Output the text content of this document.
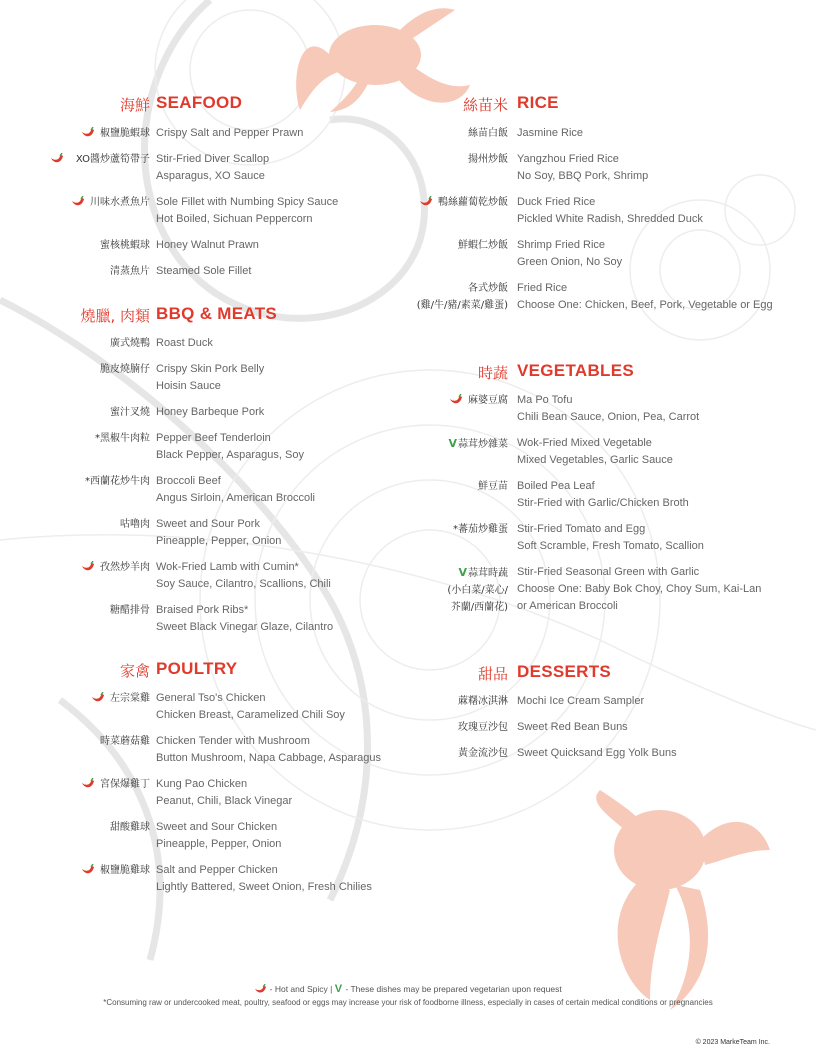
海鮮 SEAFOOD
椒鹽脆蝦球 Crispy Salt and Pepper Prawn
XO醬炒蘆筍帶子 Stir-Fried Diver Scallop
Asparagus, XO Sauce
川味水煮魚片 Sole Fillet with Numbing Spicy Sauce
Hot Boiled, Sichuan Peppercorn
蜜核桃蝦球 Honey Walnut Prawn
清蒸魚片 Steamed Sole Fillet
燒臘, 肉類 BBQ & MEATS
廣式燒鴨 Roast Duck
脆皮燒腩仔 Crispy Skin Pork Belly
Hoisin Sauce
蜜汁叉燒 Honey Barbeque Pork
*黑椒牛肉粒 Pepper Beef Tenderloin
Black Pepper, Asparagus, Soy
*西蘭花炒牛肉 Broccoli Beef
Angus Sirloin, American Broccoli
咕嚕肉 Sweet and Sour Pork
Pineapple, Pepper, Onion
孜然炒羊肉 Wok-Fried Lamb with Cumin*
Soy Sauce, Cilantro, Scallions, Chili
糖醋排骨 Braised Pork Ribs*
Sweet Black Vinegar Glaze, Cilantro
家禽 POULTRY
左宗棠雞 General Tso's Chicken
Chicken Breast, Caramelized Chili Soy
時菜蘑菇雞 Chicken Tender with Mushroom
Button Mushroom, Napa Cabbage, Asparagus
宮保爆雞丁 Kung Pao Chicken
Peanut, Chili, Black Vinegar
甜酸雞球 Sweet and Sour Chicken
Pineapple, Pepper, Onion
椒鹽脆雞球 Salt and Pepper Chicken
Lightly Battered, Sweet Onion, Fresh Chilies
絲苗米 RICE
絲苗白飯 Jasmine Rice
揚州炒飯 Yangzhou Fried Rice
No Soy, BBQ Pork, Shrimp
鴨絲蘿蔔乾炒飯 Duck Fried Rice
Pickled White Radish, Shredded Duck
鮮蝦仁炒飯 Shrimp Fried Rice
Green Onion, No Soy
各式炒飯
(雞/牛/豬/素菜/雞蛋)
Fried Rice
Choose One: Chicken, Beef, Pork, Vegetable or Egg
時蔬 VEGETABLES
麻婆豆腐 Ma Po Tofu
Chili Bean Sauce, Onion, Pea, Carrot
V蒜茸炒雜菜 Wok-Fried Mixed Vegetable
Mixed Vegetables, Garlic Sauce
鮮豆苗 Boiled Pea Leaf
Stir-Fried with Garlic/Chicken Broth
*蕃茄炒雞蛋 Stir-Fried Tomato and Egg
Soft Scramble, Fresh Tomato, Scallion
V蒜茸時蔬
(小白菜/菜心/
芥蘭/西蘭花)
Stir-Fried Seasonal Green with Garlic
Choose One: Baby Bok Choy, Choy Sum, Kai-Lan
or American Broccoli
甜品 DESSERTS
蔴糬冰淇淋 Mochi Ice Cream Sampler
玫瑰豆沙包 Sweet Red Bean Buns
黃金流沙包 Sweet Quicksand Egg Yolk Buns
- Hot and Spicy | V - These dishes may be prepared vegetarian upon request
*Consuming raw or undercooked meat, poultry, seafood or eggs may increase your risk of foodborne illness, especially in cases of certain medical conditions or pregnancies
© 2023 MarkeTeam Inc.
